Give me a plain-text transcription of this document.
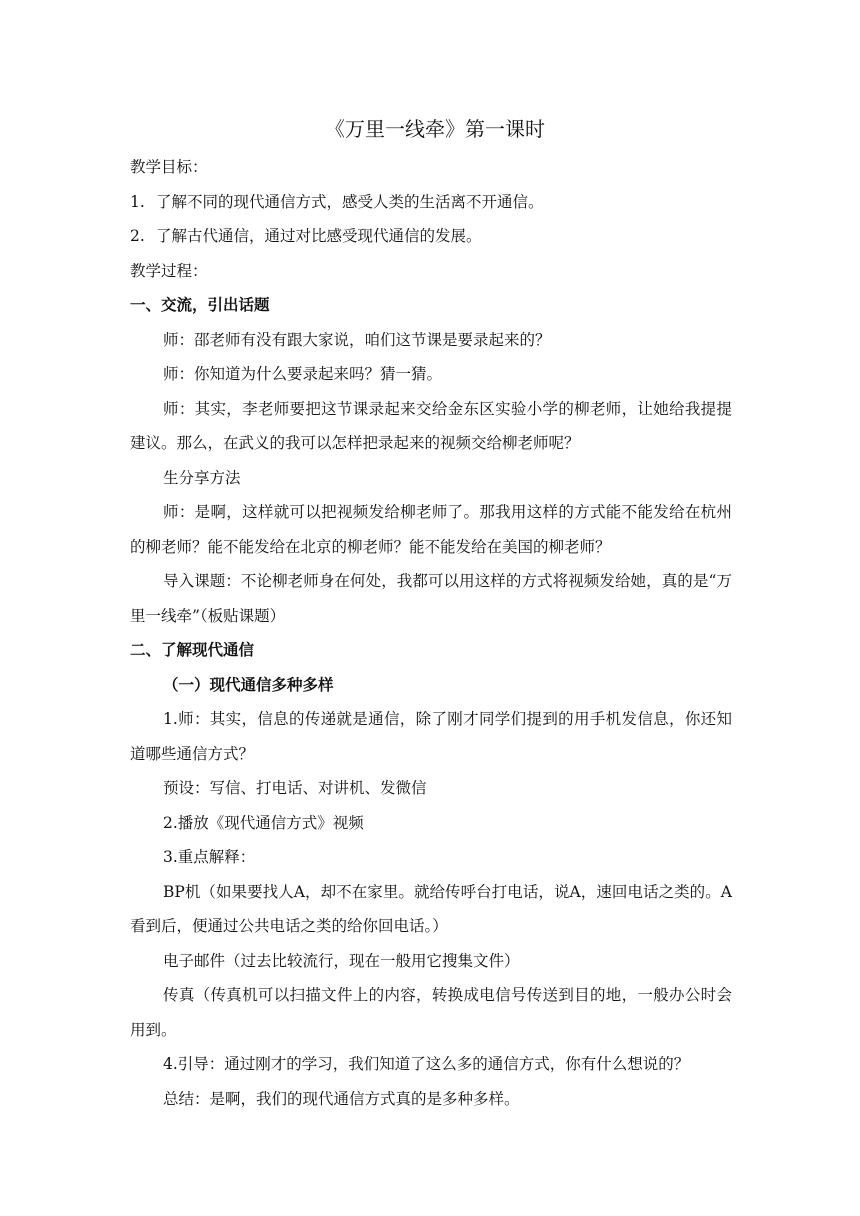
《万里一线牵》第一课时

教学目标：

1. 了解不同的现代通信方式，感受人类的生活离不开通信。

2. 了解古代通信，通过对比感受现代通信的发展。

教学过程：

一、交流，引出话题

师：邵老师有没有跟大家说，咱们这节课是要录起来的？

师：你知道为什么要录起来吗？猜一猜。

师：其实，李老师要把这节课录起来交给金东区实验小学的柳老师，让她给我提提建议。那么，在武义的我可以怎样把录起来的视频交给柳老师呢？

生分享方法

师：是啊，这样就可以把视频发给柳老师了。那我用这样的方式能不能发给在杭州的柳老师？能不能发给在北京的柳老师？能不能发给在美国的柳老师？

导入课题：不论柳老师身在何处，我都可以用这样的方式将视频发给她，真的是“万里一线牵”（板贴课题）

二、了解现代通信

（一）现代通信多种多样

1.师：其实，信息的传递就是通信，除了刚才同学们提到的用手机发信息，你还知道哪些通信方式？

预设：写信、打电话、对讲机、发微信

2.播放《现代通信方式》视频

3.重点解释：

BP机（如果要找人A，却不在家里。就给传呼台打电话，说A，速回电话之类的。A看到后，便通过公共电话之类的给你回电话。）

电子邮件（过去比较流行，现在一般用它搜集文件）

传真（传真机可以扫描文件上的内容，转换成电信号传送到目的地，一般办公时会用到。

4.引导：通过刚才的学习，我们知道了这么多的通信方式，你有什么想说的？

总结：是啊，我们的现代通信方式真的是多种多样。
